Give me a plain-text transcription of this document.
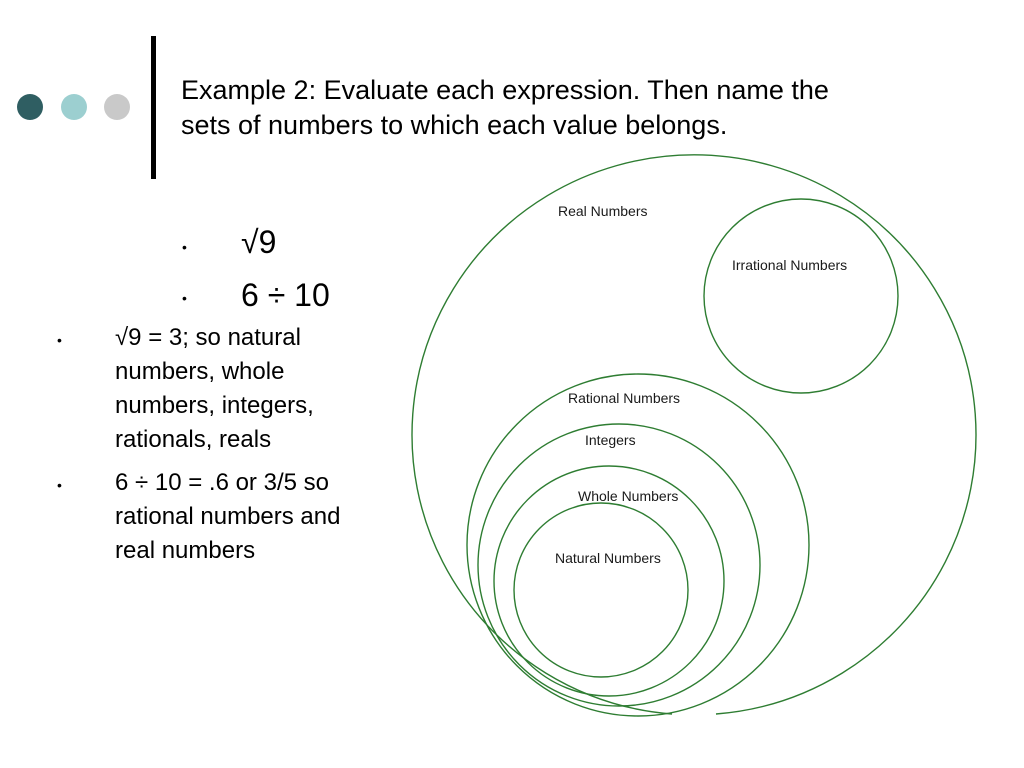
Example 2: Evaluate each expression. Then name the
sets of numbers to which each value belongs.
• √9
• 6 ÷ 10
• √9 = 3; so natural
numbers, whole
numbers, integers,
rationals, reals
• 6 ÷ 10 = .6 or 3/5 so
rational numbers and
real numbers
Real Numbers
Irrational Numbers
Rational Numbers
Integers
Whole Numbers
Natural Numbers
